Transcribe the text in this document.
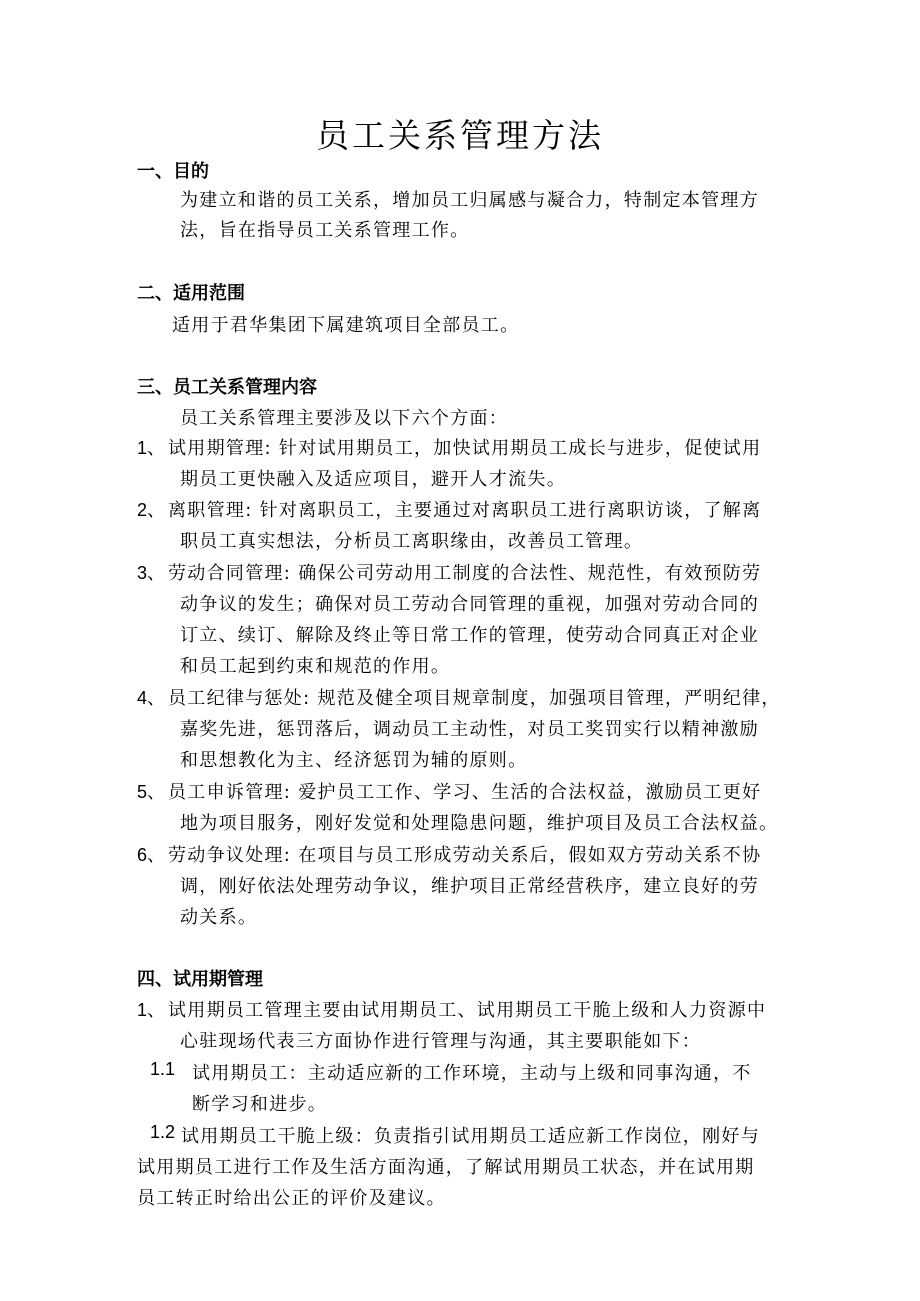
员工关系管理方法
一、目的
为建立和谐的员工关系，增加员工归属感与凝合力，特制定本管理方
法，旨在指导员工关系管理工作。
二、适用范围
适用于君华集团下属建筑项目全部员工。
三、员工关系管理内容
员工关系管理主要涉及以下六个方面：
1、 试用期管理: 针对试用期员工，加快试用期员工成长与进步，促使试用
期员工更快融入及适应项目，避开人才流失。
2、 离职管理: 针对离职员工，主要通过对离职员工进行离职访谈，了解离
职员工真实想法，分析员工离职缘由，改善员工管理。
3、 劳动合同管理: 确保公司劳动用工制度的合法性、规范性，有效预防劳
动争议的发生；确保对员工劳动合同管理的重视，加强对劳动合同的
订立、续订、解除及终止等日常工作的管理，使劳动合同真正对企业
和员工起到约束和规范的作用。
4、 员工纪律与惩处: 规范及健全项目规章制度，加强项目管理，严明纪律，
嘉奖先进，惩罚落后，调动员工主动性，对员工奖罚实行以精神激励
和思想教化为主、经济惩罚为辅的原则。
5、 员工申诉管理: 爱护员工工作、学习、生活的合法权益，激励员工更好
地为项目服务，刚好发觉和处理隐患问题，维护项目及员工合法权益。
6、 劳动争议处理: 在项目与员工形成劳动关系后，假如双方劳动关系不协
调，刚好依法处理劳动争议，维护项目正常经营秩序，建立良好的劳
动关系。
四、试用期管理
1、 试用期员工管理主要由试用期员工、试用期员工干脆上级和人力资源中
心驻现场代表三方面协作进行管理与沟通，其主要职能如下：
1.1 试用期员工：主动适应新的工作环境，主动与上级和同事沟通，不
断学习和进步。
1.2 试用期员工干脆上级：负责指引试用期员工适应新工作岗位，刚好与
试用期员工进行工作及生活方面沟通，了解试用期员工状态，并在试用期
员工转正时给出公正的评价及建议。
